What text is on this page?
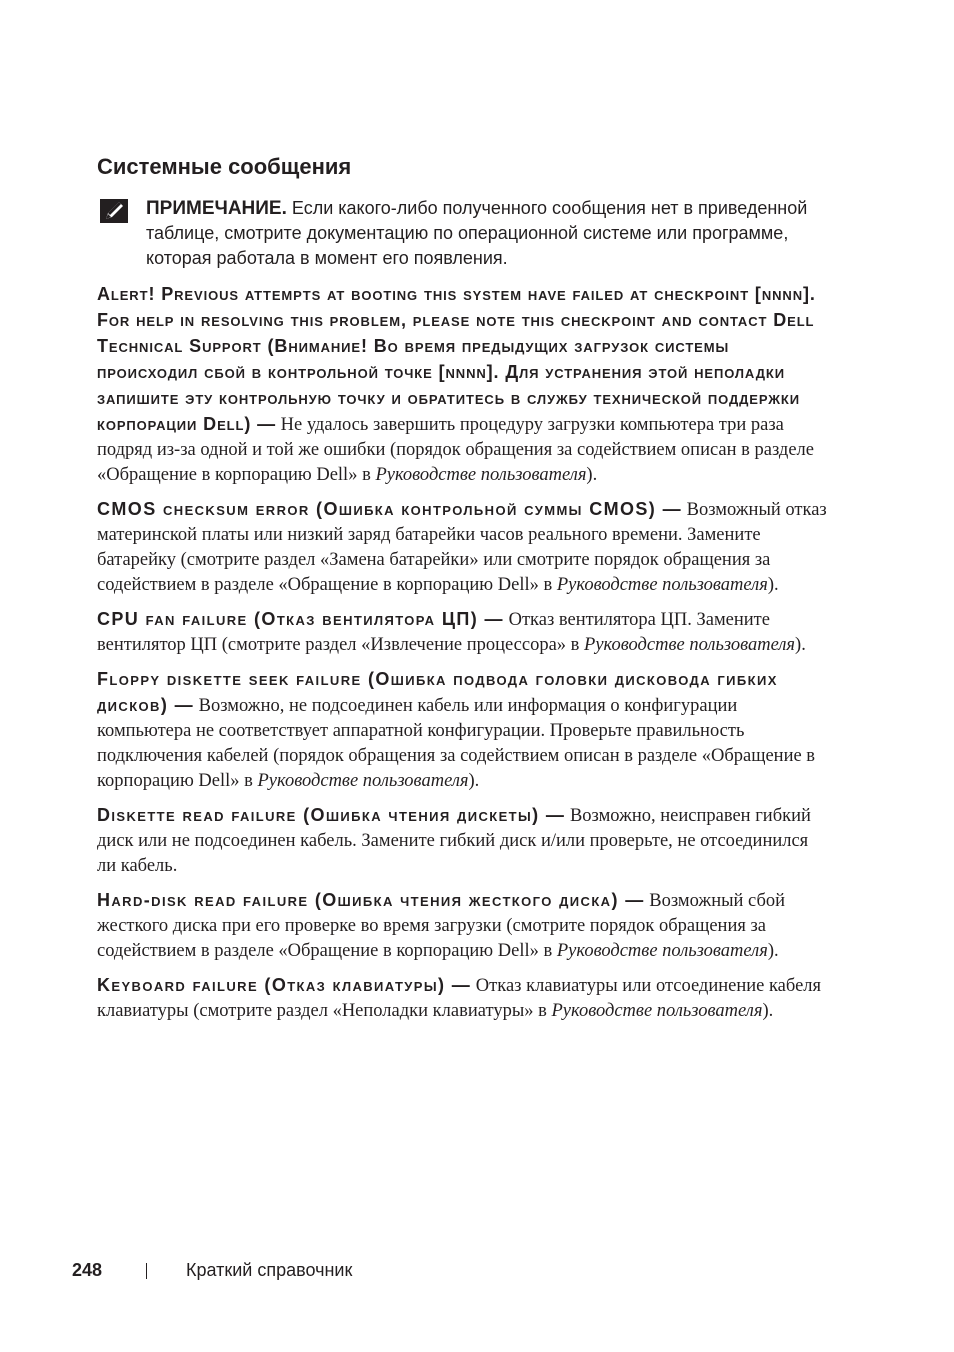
Системные сообщения

ПРИМЕЧАНИЕ. Если какого-либо полученного сообщения нет в приведенной таблице, смотрите документацию по операционной системе или программе, которая работала в момент его появления.

Alert! Previous attempts at booting this system have failed at checkpoint [nnnn]. For help in resolving this problem, please note this checkpoint and contact Dell Technical Support (Внимание! Во время предыдущих загрузок системы происходил сбой в контрольной точке [nnnn]. Для устранения этой неполадки запишите эту контрольную точку и обратитесь в службу технической поддержки корпорации Dell) — Не удалось завершить процедуру загрузки компьютера три раза подряд из-за одной и той же ошибки (порядок обращения за содействием описан в разделе «Обращение в корпорацию Dell» в Руководстве пользователя).

CMOS checksum error (Ошибка контрольной суммы CMOS) — Возможный отказ материнской платы или низкий заряд батарейки часов реального времени. Замените батарейку (смотрите раздел «Замена батарейки» или смотрите порядок обращения за содействием в разделе «Обращение в корпорацию Dell» в Руководстве пользователя).

CPU fan failure (Отказ вентилятора ЦП) — Отказ вентилятора ЦП. Замените вентилятор ЦП (смотрите раздел «Извлечение процессора» в Руководстве пользователя).

Floppy diskette seek failure (Ошибка подвода головки дисковода гибких дисков) — Возможно, не подсоединен кабель или информация о конфигурации компьютера не соответствует аппаратной конфигурации. Проверьте правильность подключения кабелей (порядок обращения за содействием описан в разделе «Обращение в корпорацию Dell» в Руководстве пользователя).

Diskette read failure (Ошибка чтения дискеты) — Возможно, неисправен гибкий диск или не подсоединен кабель. Замените гибкий диск и/или проверьте, не отсоединился ли кабель.

Hard-disk read failure (Ошибка чтения жесткого диска) — Возможный сбой жесткого диска при его проверке во время загрузки (смотрите порядок обращения за содействием в разделе «Обращение в корпорацию Dell» в Руководстве пользователя).

Keyboard failure (Отказ клавиатуры) — Отказ клавиатуры или отсоединение кабеля клавиатуры (смотрите раздел «Неполадки клавиатуры» в Руководстве пользователя).

248	Краткий справочник
